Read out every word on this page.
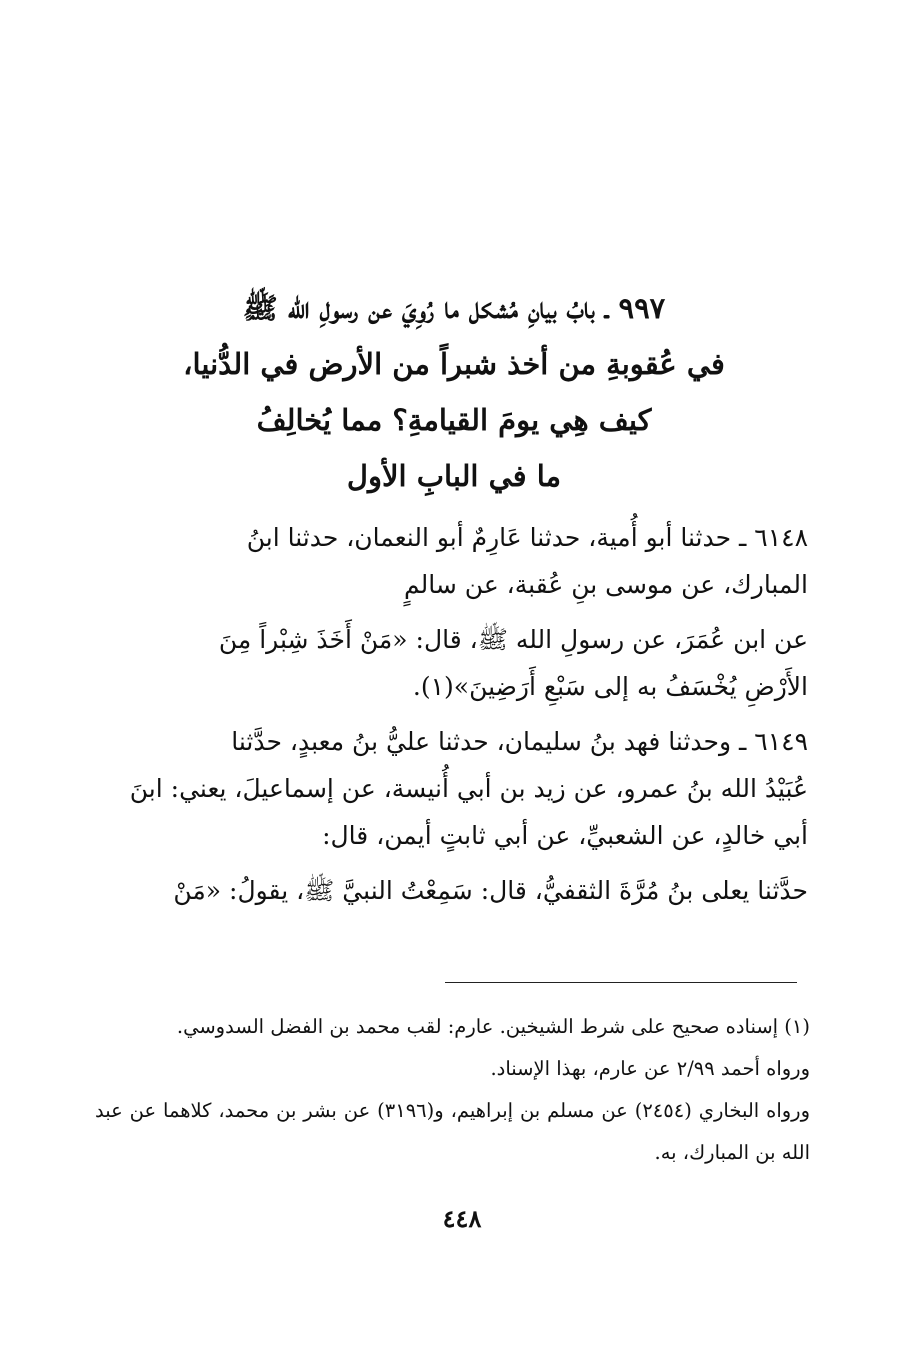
٩٩٧ ـ بابُ بيانِ مُشكل ما رُوِيَ عن رسولِ الله ﷺ
في عُقوبةِ من أخذ شبراً من الأرض في الدُّنيا،
كيف هِي يومَ القيامةِ؟ مما يُخالِفُ
ما في البابِ الأول

٦١٤٨ ـ حدثنا أبو أُمية، حدثنا عَارِمٌ أبو النعمان، حدثنا ابنُ

المبارك، عن موسى بنِ عُقبة، عن سالمٍ

عن ابن عُمَرَ، عن رسولِ الله ﷺ، قال: «مَنْ أَخَذَ شِبْراً مِنَ

الأَرْضِ يُخْسَفُ به إلى سَبْعِ أَرَضِينَ»(١).

٦١٤٩ ـ وحدثنا فهد بنُ سليمان، حدثنا عليُّ بنُ معبدٍ، حدَّثنا

عُبَيْدُ الله بنُ عمرو، عن زيد بن أبي أُنيسة، عن إسماعيلَ، يعني: ابنَ

أبي خالدٍ، عن الشعبيِّ، عن أبي ثابتٍ أيمن، قال:

حدَّثنا يعلى بنُ مُرَّةَ الثقفيُّ، قال: سَمِعْتُ النبيَّ ﷺ، يقولُ: «مَنْ

(١) إسناده صحيح على شرط الشيخين. عارم: لقب محمد بن الفضل السدوسي.

ورواه أحمد ٢/٩٩ عن عارم، بهذا الإسناد.

ورواه البخاري (٢٤٥٤) عن مسلم بن إبراهيم، و(٣١٩٦) عن بشر بن محمد، كلاهما عن عبد الله بن المبارك، به.

٤٤٨
